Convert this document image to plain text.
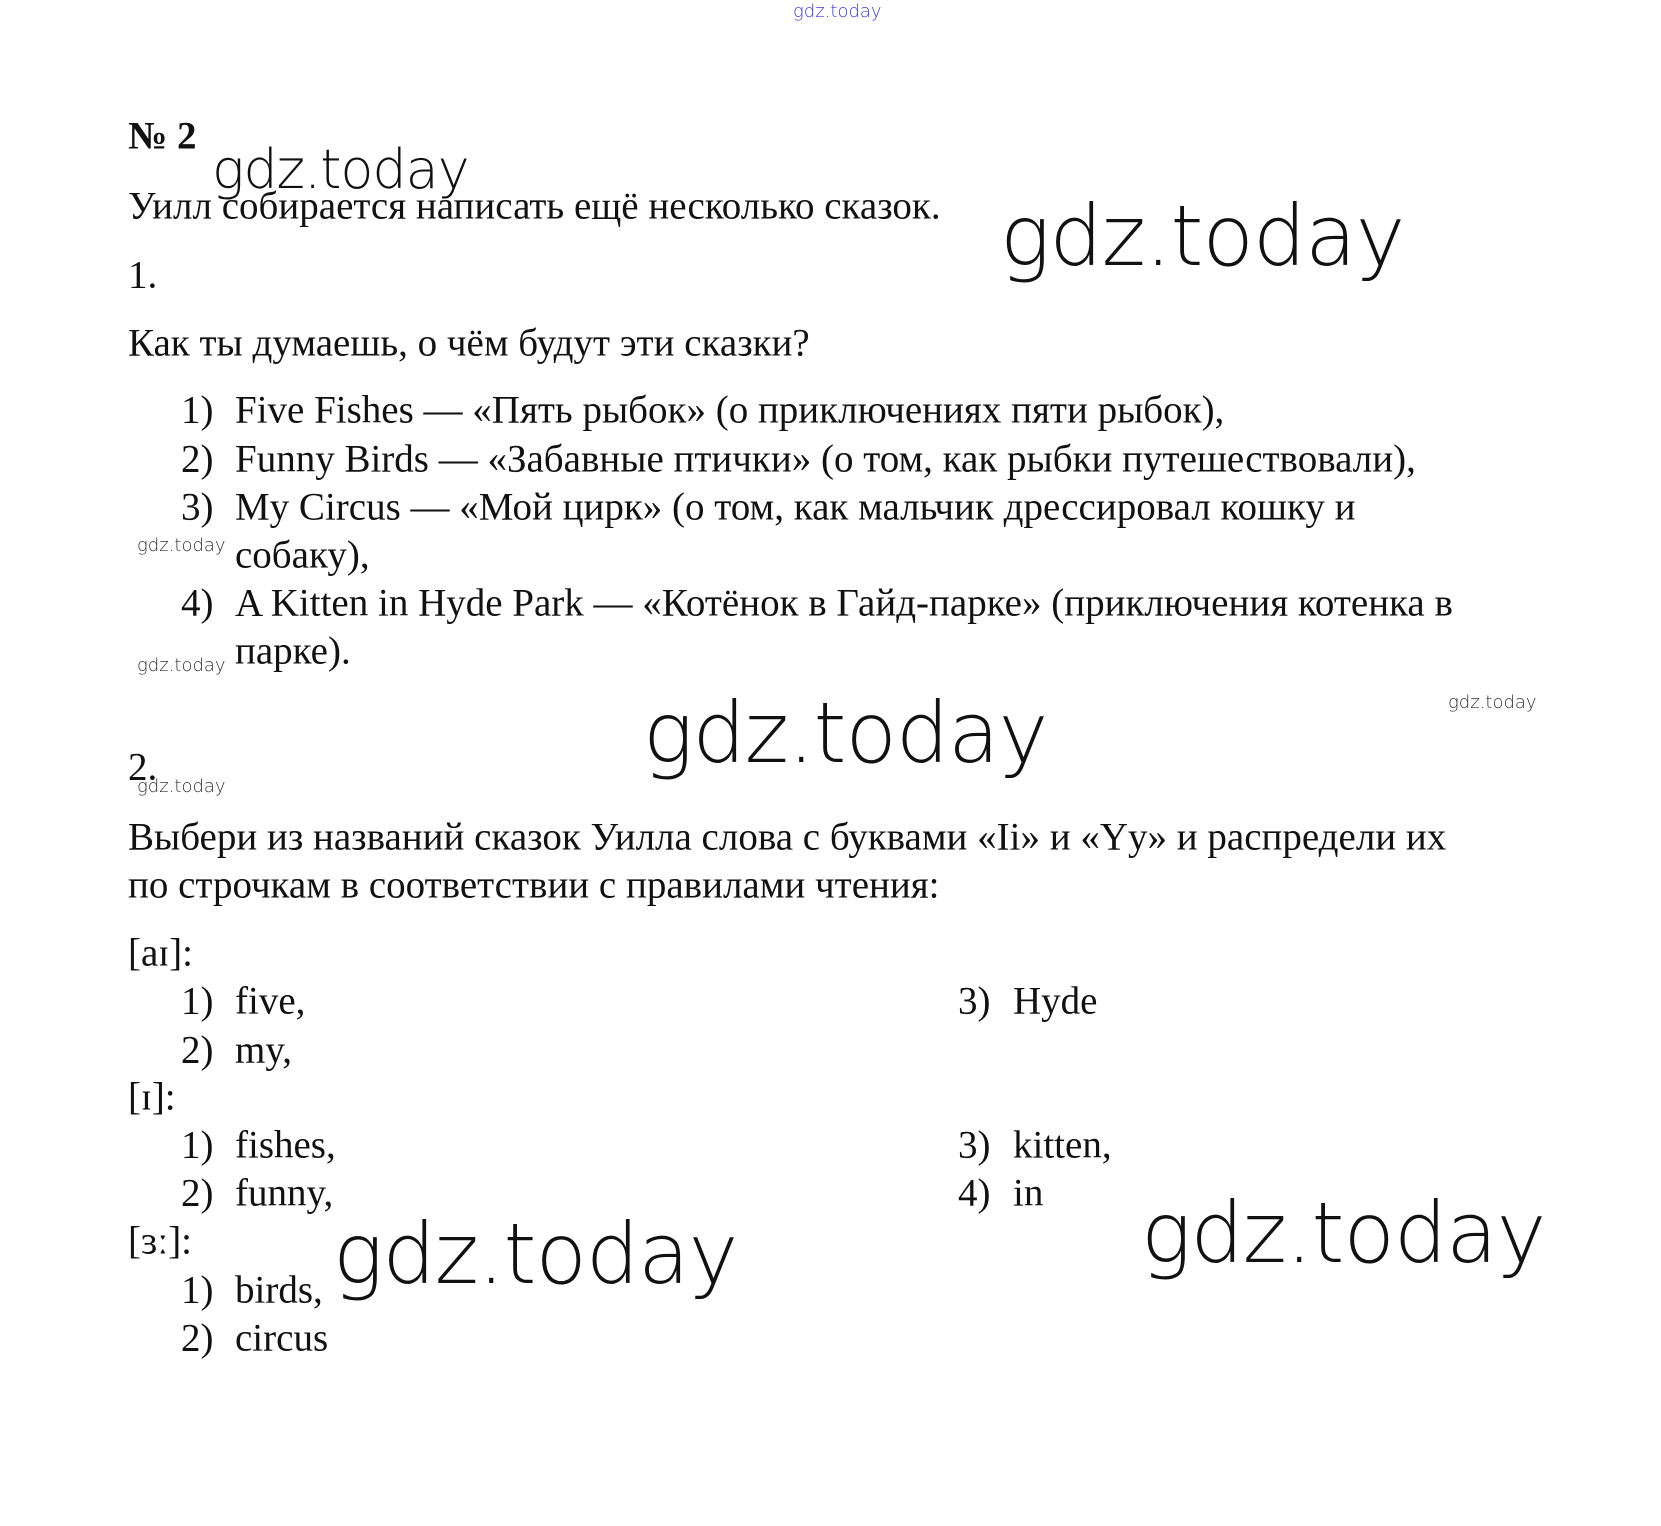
gdz.today
gdz.today
gdz.today
gdz.today
gdz.today
gdz.today
gdz.today
gdz.today
gdz.today	gdz.today
№ 2
Уилл собирается написать ещё несколько сказок.
1.
Как ты думаешь, о чём будут эти сказки?
1) Five Fishes — «Пять рыбок» (о приключениях пяти рыбок),
2) Funny Birds — «Забавные птички» (о том, как рыбки путешествовали),
3) My Circus — «Мой цирк» (о том, как мальчик дрессировал кошку и
собаку),
4) A Kitten in Hyde Park — «Котёнок в Гайд-парке» (приключения котенка в
парке).
2.
Выбери из названий сказок Уилла слова с буквами «Ii» и «Yy» и распредели их
по строчкам в соответствии с правилами чтения:
[aɪ]:
1) five,
2) my,
3) Hyde
[ɪ]:
1) fishes,
2) funny,
3) kitten,
4) in
[ɜː]:
1) birds,
2) circus
